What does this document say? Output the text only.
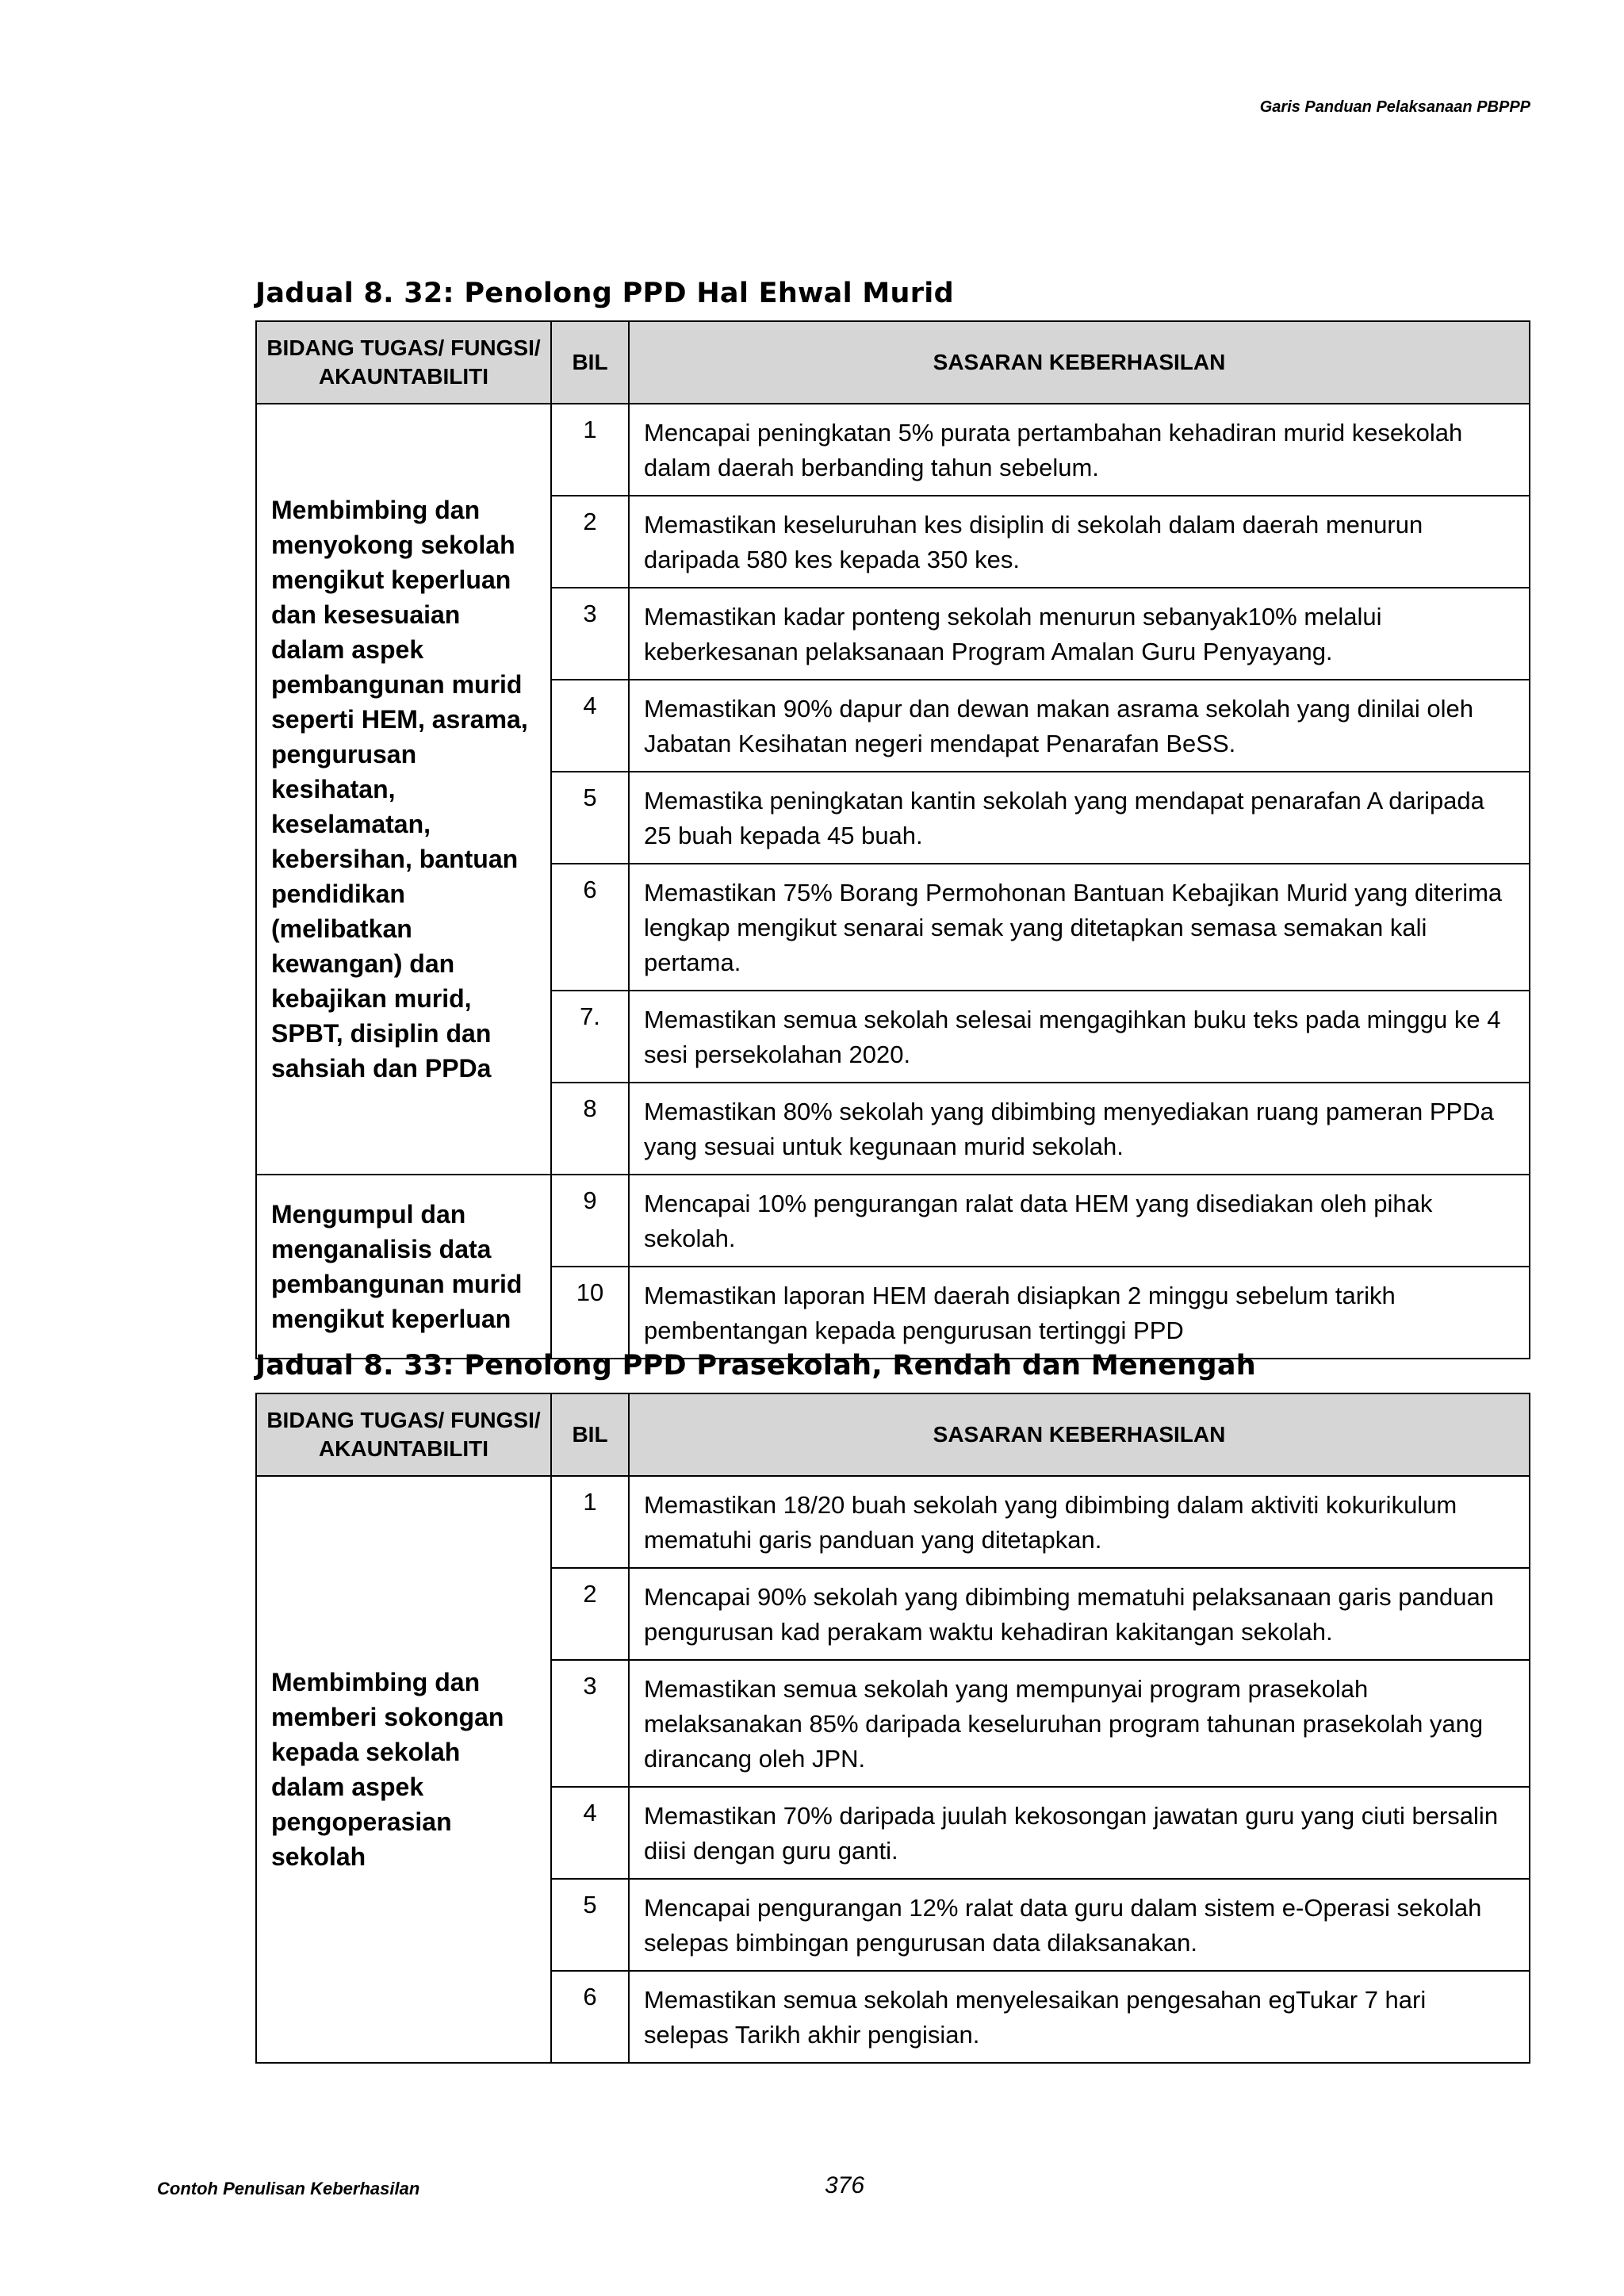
Garis Panduan Pelaksanaan PBPPP
Jadual 8. 32: Penolong PPD Hal Ehwal Murid
BIDANG TUGAS/ FUNGSI/ AKAUNTABILITI	BIL	SASARAN KEBERHASILAN
Membimbing dan menyokong sekolah mengikut keperluan dan kesesuaian dalam aspek pembangunan murid seperti HEM, asrama, pengurusan kesihatan, keselamatan, kebersihan, bantuan pendidikan (melibatkan kewangan) dan kebajikan murid, SPBT, disiplin dan sahsiah dan PPDa	1	Mencapai peningkatan 5% purata pertambahan kehadiran murid kesekolah dalam daerah berbanding tahun sebelum.
	2	Memastikan keseluruhan kes disiplin di sekolah dalam daerah menurun daripada 580 kes kepada 350 kes.
	3	Memastikan kadar ponteng sekolah menurun sebanyak10% melalui keberkesanan pelaksanaan Program Amalan Guru Penyayang.
	4	Memastikan 90% dapur dan dewan makan asrama sekolah yang dinilai oleh Jabatan Kesihatan negeri mendapat Penarafan BeSS.
	5	Memastika peningkatan kantin sekolah yang mendapat penarafan A daripada 25 buah kepada 45 buah.
	6	Memastikan 75% Borang Permohonan Bantuan Kebajikan Murid yang diterima lengkap mengikut senarai semak yang ditetapkan semasa semakan kali pertama.
	7.	Memastikan semua sekolah selesai mengagihkan buku teks pada minggu ke 4 sesi persekolahan 2020.
	8	Memastikan 80% sekolah yang dibimbing menyediakan ruang pameran PPDa yang sesuai untuk kegunaan murid sekolah.
Mengumpul dan menganalisis data pembangunan murid mengikut keperluan	9	Mencapai 10% pengurangan ralat data HEM yang disediakan oleh pihak sekolah.
	10	Memastikan laporan HEM daerah disiapkan 2 minggu sebelum tarikh pembentangan kepada pengurusan tertinggi PPD
Jadual 8. 33: Penolong PPD Prasekolah, Rendah dan Menengah
BIDANG TUGAS/ FUNGSI/ AKAUNTABILITI	BIL	SASARAN KEBERHASILAN
Membimbing dan memberi sokongan kepada sekolah dalam aspek pengoperasian sekolah	1	Memastikan 18/20 buah sekolah yang dibimbing dalam aktiviti kokurikulum mematuhi garis panduan yang ditetapkan.
	2	Mencapai 90% sekolah yang dibimbing mematuhi pelaksanaan garis panduan pengurusan kad perakam waktu kehadiran kakitangan sekolah.
	3	Memastikan semua sekolah yang mempunyai program prasekolah melaksanakan 85% daripada keseluruhan program tahunan prasekolah yang dirancang oleh JPN.
	4	Memastikan 70% daripada juulah kekosongan jawatan guru yang ciuti bersalin diisi dengan guru ganti.
	5	Mencapai pengurangan 12% ralat data guru dalam sistem e-Operasi sekolah selepas bimbingan pengurusan data dilaksanakan.
	6	Memastikan semua sekolah menyelesaikan pengesahan egTukar 7 hari selepas Tarikh akhir pengisian.
Contoh Penulisan Keberhasilan	376
